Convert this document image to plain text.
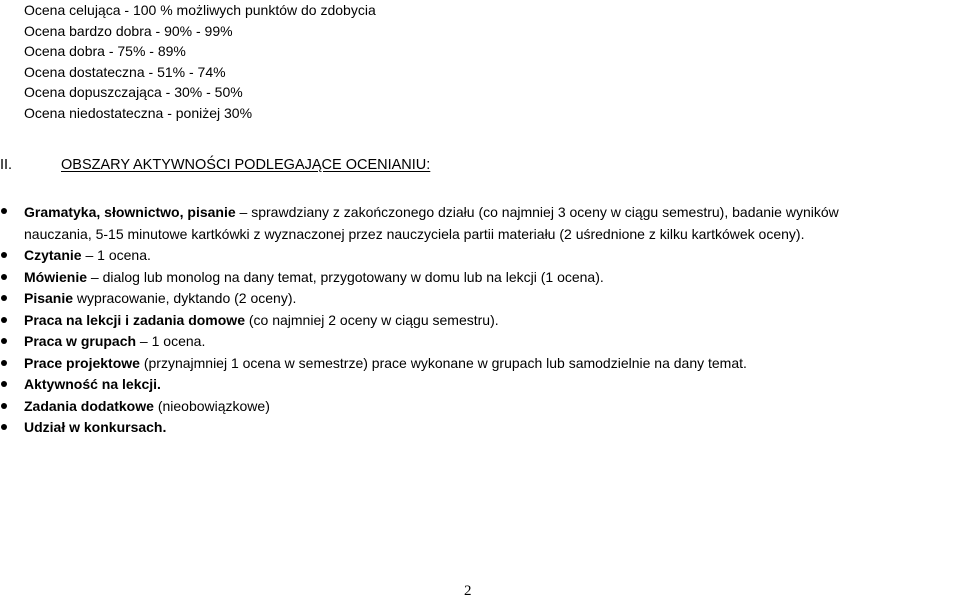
Ocena celująca - 100 % możliwych punktów do zdobycia
Ocena bardzo dobra - 90% - 99%
Ocena dobra - 75% - 89%
Ocena dostateczna - 51% - 74%
Ocena dopuszczająca - 30% - 50%
Ocena niedostateczna - poniżej 30%
II.	OBSZARY AKTYWNOŚCI PODLEGAJĄCE OCENIANIU:
Gramatyka, słownictwo, pisanie – sprawdziany z zakończonego działu (co najmniej 3 oceny w ciągu semestru), badanie wyników
nauczania, 5-15 minutowe kartkówki z wyznaczonej przez nauczyciela partii materiału (2 uśrednione z kilku kartkówek oceny).
Czytanie – 1 ocena.
Mówienie – dialog lub monolog na dany temat, przygotowany w domu lub na lekcji (1 ocena).
Pisanie wypracowanie, dyktando (2 oceny).
Praca na lekcji i zadania domowe (co najmniej 2 oceny w ciągu semestru).
Praca w grupach – 1 ocena.
Prace projektowe (przynajmniej 1 ocena w semestrze) prace wykonane w grupach lub samodzielnie na dany temat.
Aktywność na lekcji.
Zadania dodatkowe (nieobowiązkowe)
Udział w konkursach.
2
